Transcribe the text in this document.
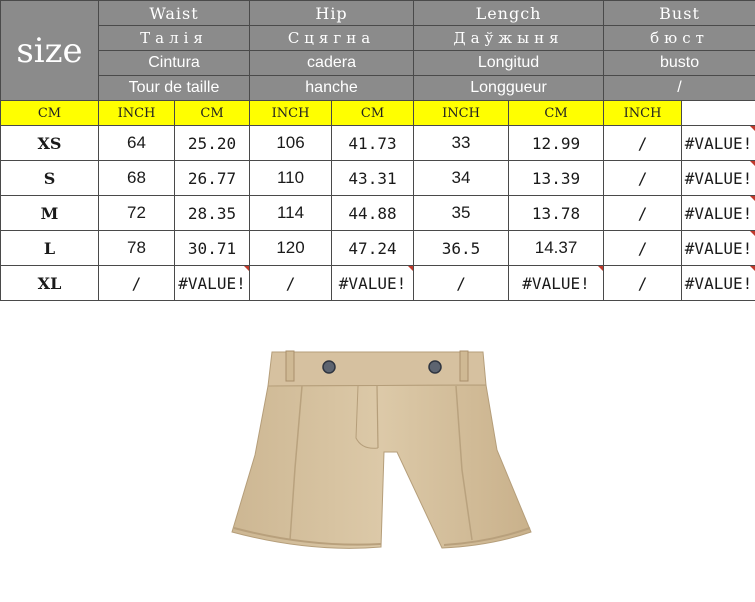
size	Waist		Hip		Lengch		Bust	
	Талія		Сцягна		Даўжыня		бюст	
	Cintura		cadera		Longitud		busto	
	Tour de taille		hanche		Longgueur		/	
CM	INCH	CM	INCH	CM	INCH	CM	INCH	
XS	64	25.20	106	41.73	33	12.99	/	#VALUE!
S	68	26.77	110	43.31	34	13.39	/	#VALUE!
M	72	28.35	114	44.88	35	13.78	/	#VALUE!
L	78	30.71	120	47.24	36.5	14.37	/	#VALUE!
XL	/	#VALUE!	/	#VALUE!	/	#VALUE!	/	#VALUE!
